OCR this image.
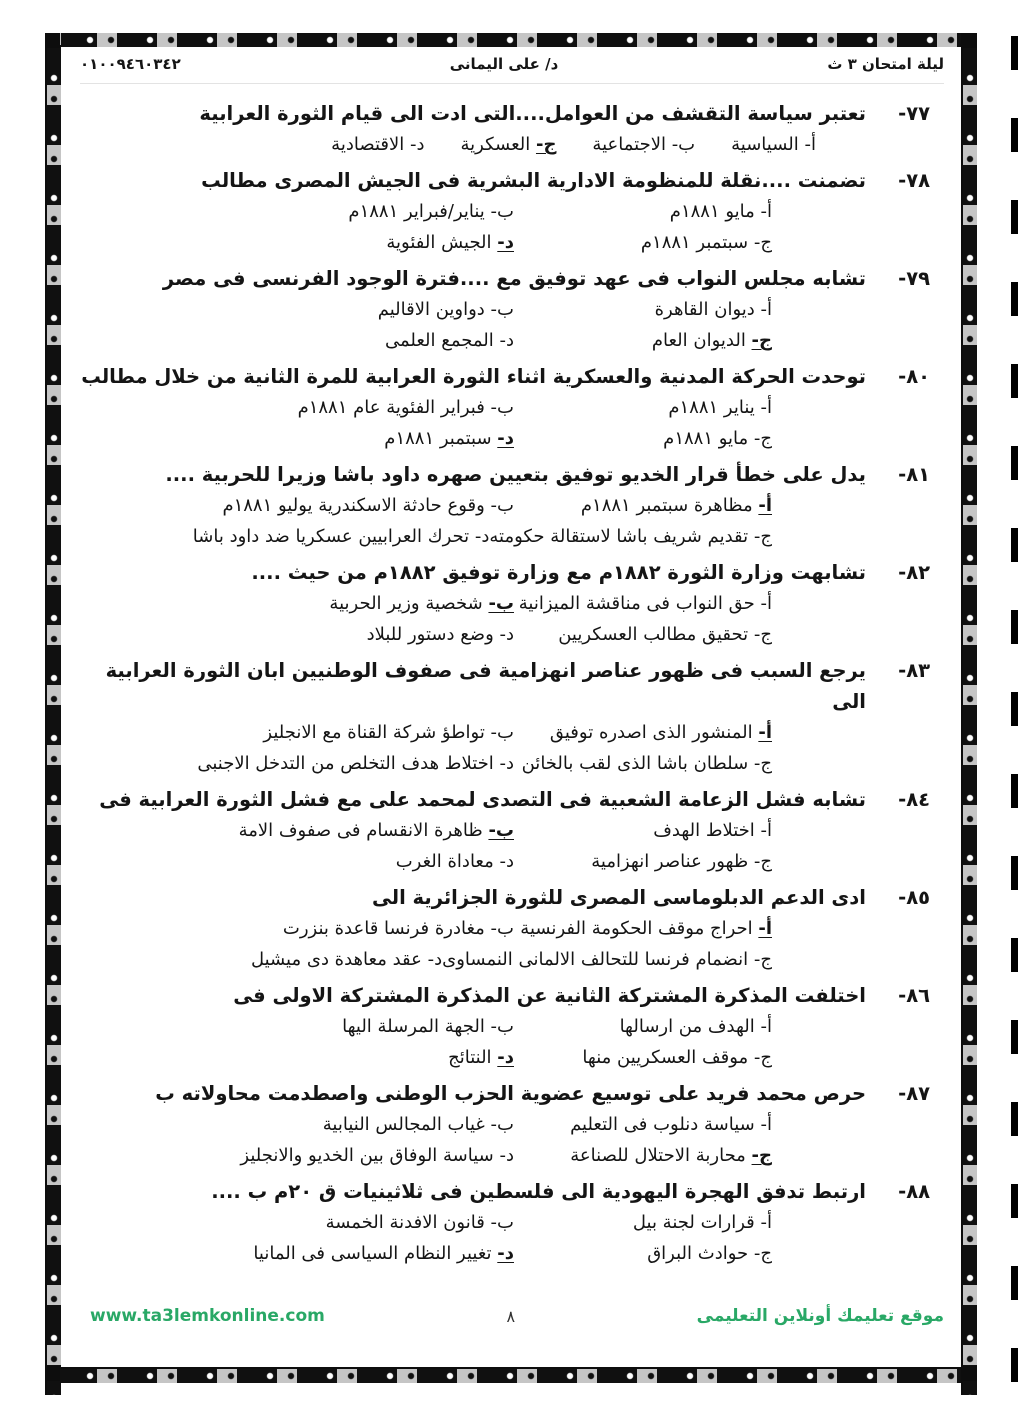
ليلة امتحان ٣ ث
د/ على اليمانى
٠١٠٠٩٤٦٠٣٤٢
٧٧-
تعتبر سياسة التقشف من العوامل....التى ادت الى قيام الثورة العرابية
أ- السياسية
ب- الاجتماعية
ج- العسكرية
د- الاقتصادية
٧٨-
تضمنت ....نقلة للمنظومة الادارية البشرية فى الجيش المصرى مطالب
أ- مايو ١٨٨١م
ب- يناير/فبراير ١٨٨١م
ج- سبتمبر ١٨٨١م
د- الجيش الفئوية
٧٩-
تشابه مجلس النواب فى عهد توفيق مع ....فترة الوجود الفرنسى فى مصر
أ- ديوان القاهرة
ب- دواوين الاقاليم
ج- الديوان العام
د- المجمع العلمى
٨٠-
توحدت الحركة المدنية والعسكرية اثناء الثورة العرابية للمرة الثانية من خلال مطالب
أ- يناير ١٨٨١م
ب- فبراير الفئوية عام ١٨٨١م
ج- مايو ١٨٨١م
د- سبتمبر ١٨٨١م
٨١-
يدل على خطأ قرار الخديو توفيق بتعيين صهره داود باشا وزيرا للحربية ....
أ- مظاهرة سبتمبر ١٨٨١م
ب- وقوع حادثة الاسكندرية يوليو ١٨٨١م
ج- تقديم شريف باشا لاستقالة حكومته
د- تحرك العرابيين عسكريا ضد داود باشا
٨٢-
تشابهت وزارة الثورة ١٨٨٢م مع وزارة توفيق ١٨٨٢م من حيث ....
أ- حق النواب فى مناقشة الميزانية
ب- شخصية وزير الحربية
ج- تحقيق مطالب العسكريين
د- وضع دستور للبلاد
٨٣-
يرجع السبب فى ظهور عناصر انهزامية فى صفوف الوطنيين ابان الثورة العرابية الى
أ- المنشور الذى اصدره توفيق
ب- تواطؤ شركة القناة مع الانجليز
ج- سلطان باشا الذى لقب بالخائن
د- اختلاط هدف التخلص من التدخل الاجنبى
٨٤-
تشابه فشل الزعامة الشعبية فى التصدى لمحمد على مع فشل الثورة العرابية فى
أ- اختلاط الهدف
ب- ظاهرة الانقسام فى صفوف الامة
ج- ظهور عناصر انهزامية
د- معاداة الغرب
٨٥-
ادى الدعم الدبلوماسى المصرى للثورة الجزائرية الى
أ- احراج موقف الحكومة الفرنسية
ب- مغادرة فرنسا قاعدة بنزرت
ج- انضمام فرنسا للتحالف الالمانى النمساوى
د- عقد معاهدة دى ميشيل
٨٦-
اختلفت المذكرة المشتركة الثانية عن المذكرة المشتركة الاولى فى
أ- الهدف من ارسالها
ب- الجهة المرسلة اليها
ج- موقف العسكريين منها
د- النتائج
٨٧-
حرص محمد فريد على توسيع عضوية الحزب الوطنى واصطدمت محاولاته ب
أ- سياسة دنلوب فى التعليم
ب- غياب المجالس النيابية
ج- محاربة الاحتلال للصناعة
د- سياسة الوفاق بين الخديو والانجليز
٨٨-
ارتبط تدفق الهجرة اليهودية الى فلسطين فى ثلاثينيات ق ٢٠م ب ....
أ- قرارات لجنة بيل
ب- قانون الافدنة الخمسة
ج- حوادث البراق
د- تغيير النظام السياسى فى المانيا
موقع تعليمك أونلاين التعليمى
٨
www.ta3lemkonline.com
